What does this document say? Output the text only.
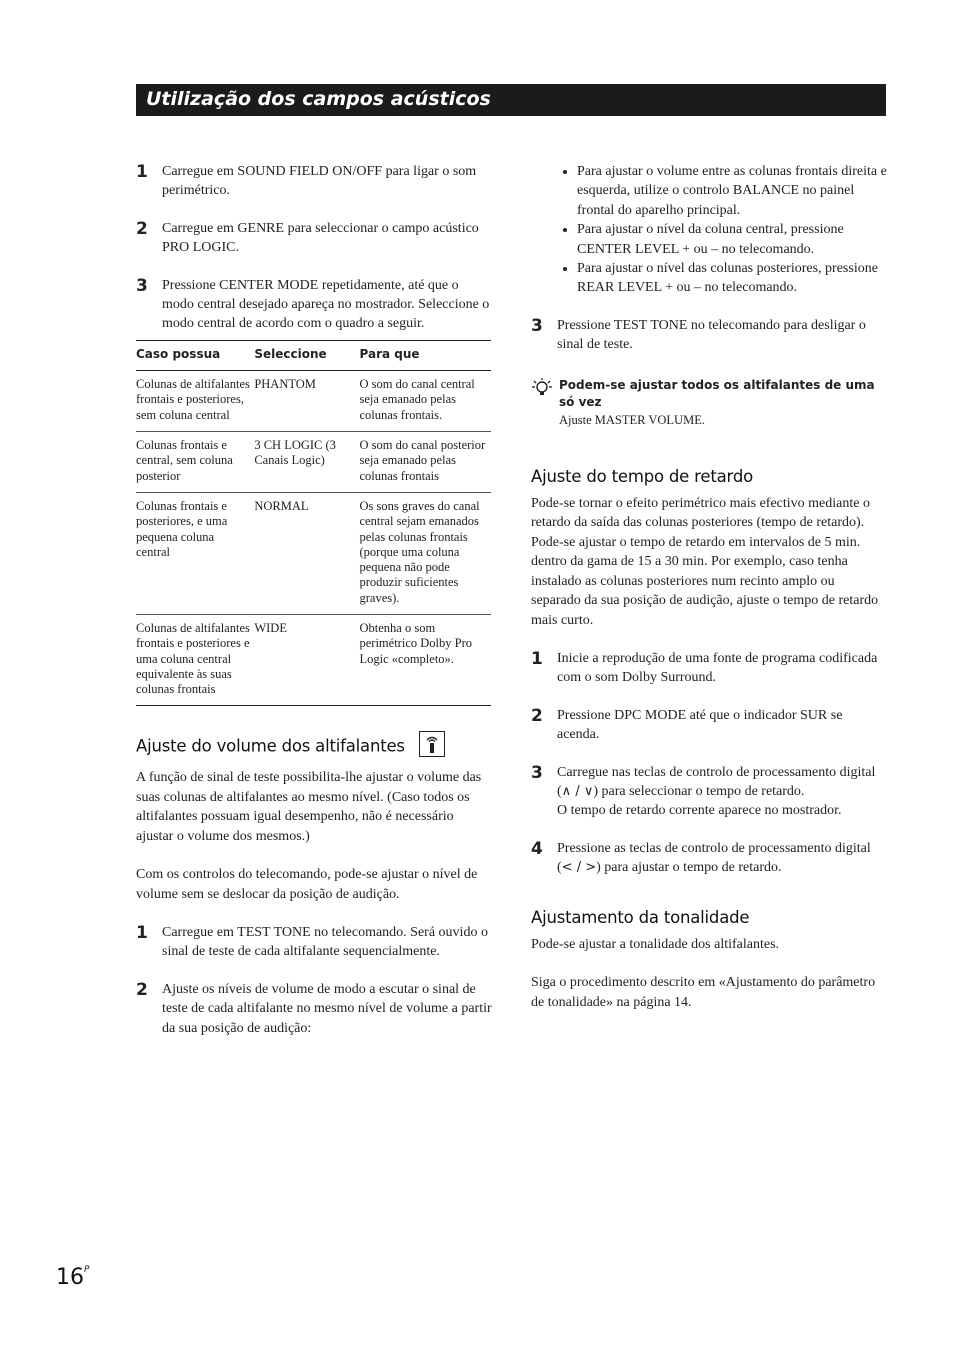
Utilização dos campos acústicos
1	Carregue em SOUND FIELD ON/OFF para ligar o som perimétrico.
2	Carregue em GENRE para seleccionar o campo acústico PRO LOGIC.
3	Pressione CENTER MODE repetidamente, até que o modo central desejado apareça no mostrador. Seleccione o modo central de acordo com o quadro a seguir.
Caso possua	Seleccione	Para que
Colunas de altifalantes frontais e posteriores, sem coluna central	PHANTOM	O som do canal central seja emanado pelas colunas frontais.
Colunas frontais e central, sem coluna posterior	3 CH LOGIC (3 Canais Logic)	O som do canal posterior seja emanado pelas colunas frontais
Colunas frontais e posteriores, e uma pequena coluna central	NORMAL	Os sons graves do canal central sejam emanados pelas colunas frontais (porque uma coluna pequena não pode produzir suficientes graves).
Colunas de altifalantes frontais e posteriores e uma coluna central equivalente às suas colunas frontais	WIDE	Obtenha o som perimétrico Dolby Pro Logic «completo».
Ajuste do volume dos altifalantes

A função de sinal de teste possibilita-lhe ajustar o volume das suas colunas de altifalantes ao mesmo nível. (Caso todos os altifalantes possuam igual desempenho, não é necessário ajustar o volume dos mesmos.)

Com os controlos do telecomando, pode-se ajustar o nível de volume sem se deslocar da posição de audição.

1	Carregue em TEST TONE no telecomando. Será ouvido o sinal de teste de cada altifalante sequencialmente.
2	Ajuste os níveis de volume de modo a escutar o sinal de teste de cada altifalante no mesmo nível de volume a partir da sua posição de audição:
• Para ajustar o volume entre as colunas frontais direita e esquerda, utilize o controlo BALANCE no painel frontal do aparelho principal.
• Para ajustar o nível da coluna central, pressione CENTER LEVEL + ou – no telecomando.
• Para ajustar o nível das colunas posteriores, pressione REAR LEVEL + ou – no telecomando.
3	Pressione TEST TONE no telecomando para desligar o sinal de teste.
Podem-se ajustar todos os altifalantes de uma só vez
Ajuste MASTER VOLUME.
Ajuste do tempo de retardo

Pode-se tornar o efeito perimétrico mais efectivo mediante o retardo da saída das colunas posteriores (tempo de retardo). Pode-se ajustar o tempo de retardo em intervalos de 5 min. dentro da gama de 15 a 30 min. Por exemplo, caso tenha instalado as colunas posteriores num recinto amplo ou separado da sua posição de audição, ajuste o tempo de retardo mais curto.

1	Inicie a reprodução de uma fonte de programa codificada com o som Dolby Surround.
2	Pressione DPC MODE até que o indicador SUR se acenda.
3	Carregue nas teclas de controlo de processamento digital (∧ / ∨) para seleccionar o tempo de retardo.
O tempo de retardo corrente aparece no mostrador.
4	Pressione as teclas de controlo de processamento digital (< / >) para ajustar o tempo de retardo.
Ajustamento da tonalidade

Pode-se ajustar a tonalidade dos altifalantes.

Siga o procedimento descrito em «Ajustamento do parâmetro de tonalidade» na página 14.

$16^P$
